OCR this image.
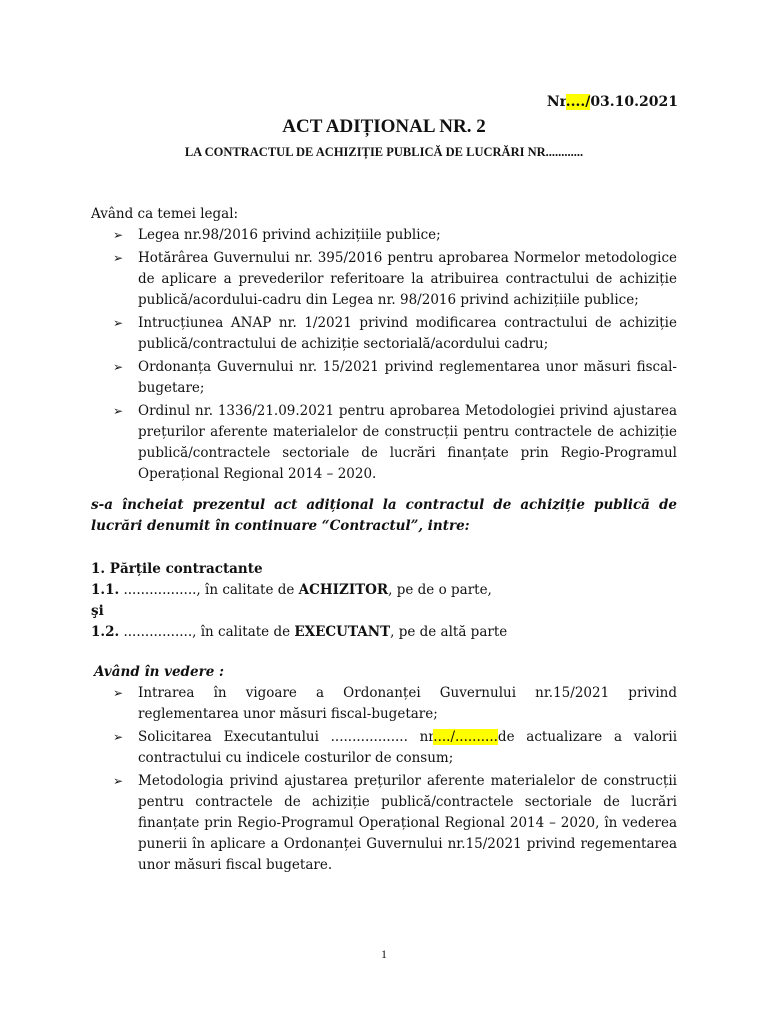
Nr..../03.10.2021
ACT ADIȚIONAL NR. 2
LA CONTRACTUL DE ACHIZIȚIE PUBLICĂ DE LUCRĂRI NR............
Având ca temei legal:
➢ Legea nr.98/2016 privind achizițiile publice;
➢ Hotărârea Guvernului nr. 395/2016 pentru aprobarea Normelor metodologice de aplicare a prevederilor referitoare la atribuirea contractului de achiziție publică/acordului-cadru din Legea nr. 98/2016 privind achizițiile publice;
➢ Intrucțiunea ANAP nr. 1/2021 privind modificarea contractului de achiziție publică/contractului de achiziție sectorială/acordului cadru;
➢ Ordonanța Guvernului nr. 15/2021 privind reglementarea unor măsuri fiscal-bugetare;
➢ Ordinul nr. 1336/21.09.2021 pentru aprobarea Metodologiei privind ajustarea prețurilor aferente materialelor de construcții pentru contractele de achiziție publică/contractele sectoriale de lucrări finanțate prin Regio-Programul Operațional Regional 2014 – 2020.
s-a încheiat prezentul act adițional la contractul de achiziție publică de lucrări denumit în continuare “Contractul”, intre:
1. Părțile contractante
1.1. ................., în calitate de ACHIZITOR, pe de o parte,
şi
1.2. ................, în calitate de EXECUTANT, pe de altă parte
Având în vedere :
➢ Intrarea în vigoare a Ordonanței Guvernului nr.15/2021 privind reglementarea unor măsuri fiscal-bugetare;
➢ Solicitarea Executantului .................. nr..../..........de actualizare a valorii contractului cu indicele costurilor de consum;
➢ Metodologia privind ajustarea prețurilor aferente materialelor de construcții pentru contractele de achiziție publică/contractele sectoriale de lucrări finanțate prin Regio-Programul Operațional Regional 2014 – 2020, în vederea punerii în aplicare a Ordonanței Guvernului nr.15/2021 privind regementarea unor măsuri fiscal bugetare.
1
